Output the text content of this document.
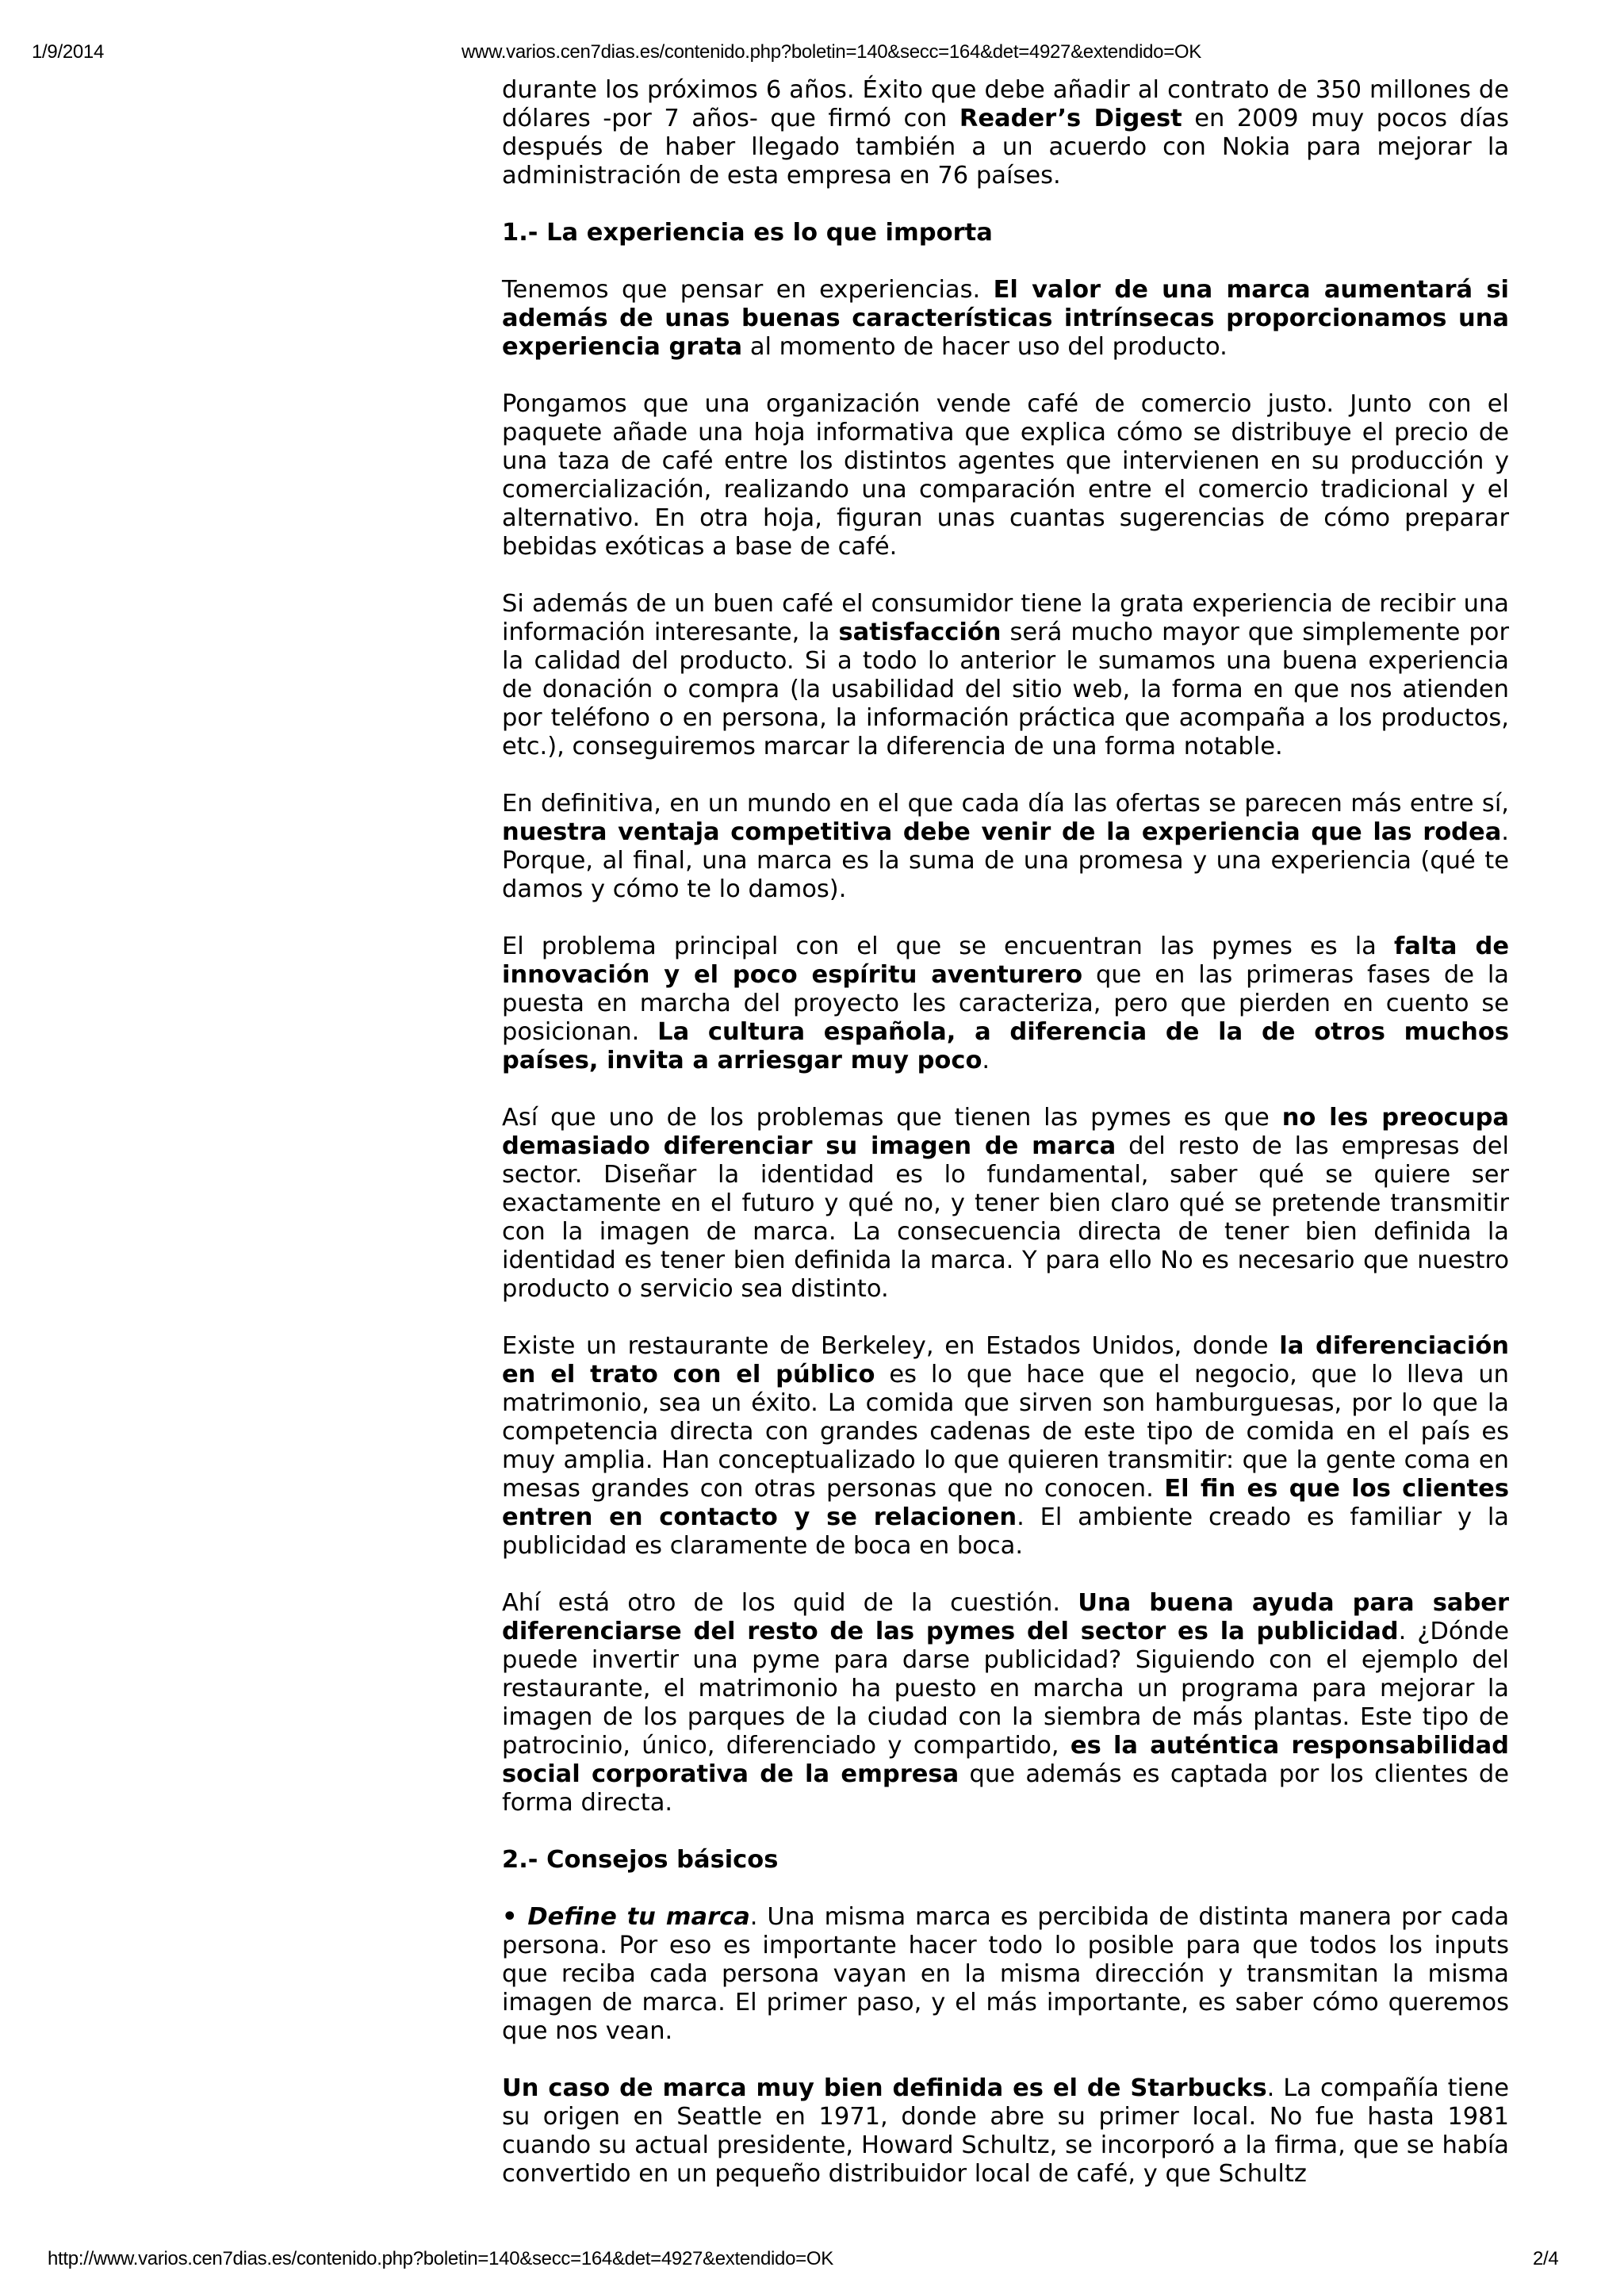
1/9/2014	www.varios.cen7dias.es/contenido.php?boletin=140&secc=164&det=4927&extendido=OK

durante los próximos 6 años. Éxito que debe añadir al contrato de 350 millones de dólares -por 7 años- que firmó con Reader’s Digest en 2009 muy pocos días después de haber llegado también a un acuerdo con Nokia para mejorar la administración de esta empresa en 76 países.

1.- La experiencia es lo que importa

Tenemos que pensar en experiencias. El valor de una marca aumentará si además de unas buenas características intrínsecas proporcionamos una experiencia grata al momento de hacer uso del producto.

Pongamos que una organización vende café de comercio justo. Junto con el paquete añade una hoja informativa que explica cómo se distribuye el precio de una taza de café entre los distintos agentes que intervienen en su producción y comercialización, realizando una comparación entre el comercio tradicional y el alternativo. En otra hoja, figuran unas cuantas sugerencias de cómo preparar bebidas exóticas a base de café.

Si además de un buen café el consumidor tiene la grata experiencia de recibir una información interesante, la satisfacción será mucho mayor que simplemente por la calidad del producto. Si a todo lo anterior le sumamos una buena experiencia de donación o compra (la usabilidad del sitio web, la forma en que nos atienden por teléfono o en persona, la información práctica que acompaña a los productos, etc.), conseguiremos marcar la diferencia de una forma notable.

En definitiva, en un mundo en el que cada día las ofertas se parecen más entre sí, nuestra ventaja competitiva debe venir de la experiencia que las rodea. Porque, al final, una marca es la suma de una promesa y una experiencia (qué te damos y cómo te lo damos).

El problema principal con el que se encuentran las pymes es la falta de innovación y el poco espíritu aventurero que en las primeras fases de la puesta en marcha del proyecto les caracteriza, pero que pierden en cuento se posicionan. La cultura española, a diferencia de la de otros muchos países, invita a arriesgar muy poco.

Así que uno de los problemas que tienen las pymes es que no les preocupa demasiado diferenciar su imagen de marca del resto de las empresas del sector. Diseñar la identidad es lo fundamental, saber qué se quiere ser exactamente en el futuro y qué no, y tener bien claro qué se pretende transmitir con la imagen de marca. La consecuencia directa de tener bien definida la identidad es tener bien definida la marca. Y para ello No es necesario que nuestro producto o servicio sea distinto.

Existe un restaurante de Berkeley, en Estados Unidos, donde la diferenciación en el trato con el público es lo que hace que el negocio, que lo lleva un matrimonio, sea un éxito. La comida que sirven son hamburguesas, por lo que la competencia directa con grandes cadenas de este tipo de comida en el país es muy amplia. Han conceptualizado lo que quieren transmitir: que la gente coma en mesas grandes con otras personas que no conocen. El fin es que los clientes entren en contacto y se relacionen. El ambiente creado es familiar y la publicidad es claramente de boca en boca.

Ahí está otro de los quid de la cuestión. Una buena ayuda para saber diferenciarse del resto de las pymes del sector es la publicidad. ¿Dónde puede invertir una pyme para darse publicidad? Siguiendo con el ejemplo del restaurante, el matrimonio ha puesto en marcha un programa para mejorar la imagen de los parques de la ciudad con la siembra de más plantas. Este tipo de patrocinio, único, diferenciado y compartido, es la auténtica responsabilidad social corporativa de la empresa que además es captada por los clientes de forma directa.

2.- Consejos básicos

• Define tu marca. Una misma marca es percibida de distinta manera por cada persona. Por eso es importante hacer todo lo posible para que todos los inputs que reciba cada persona vayan en la misma dirección y transmitan la misma imagen de marca. El primer paso, y el más importante, es saber cómo queremos que nos vean.

Un caso de marca muy bien definida es el de Starbucks. La compañía tiene su origen en Seattle en 1971, donde abre su primer local. No fue hasta 1981 cuando su actual presidente, Howard Schultz, se incorporó a la firma, que se había convertido en un pequeño distribuidor local de café, y que Schultz

http://www.varios.cen7dias.es/contenido.php?boletin=140&secc=164&det=4927&extendido=OK	2/4
